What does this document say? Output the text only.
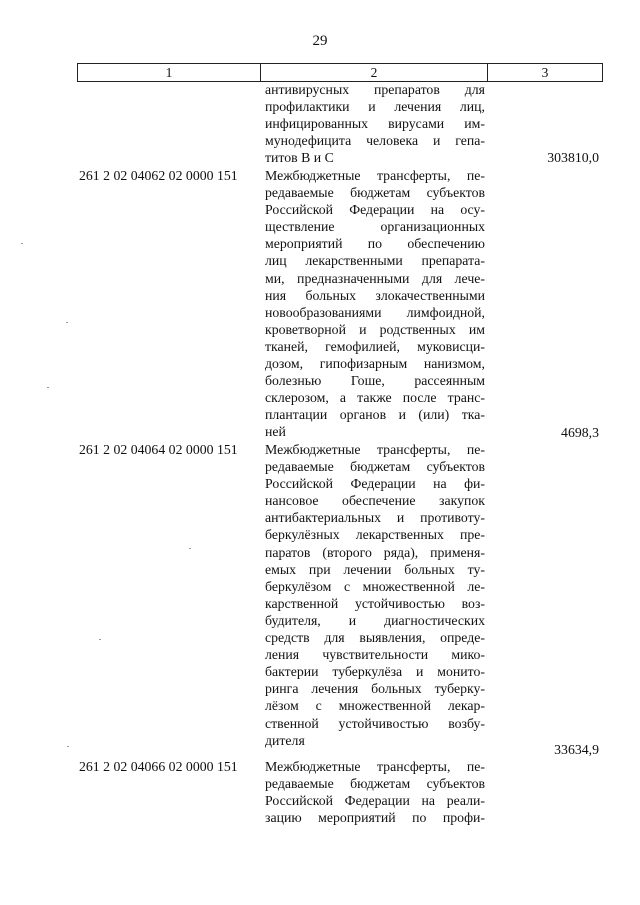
29
1	2	3
антивирусных препаратов для
профилактики и лечения лиц,
инфицированных вирусами им-
мунодефицита человека и гепа-
титов В и С	303810,0
261 2 02 04062 02 0000 151 Межбюджетные трансферты, пе-
редаваемые бюджетам субъектов
Российской Федерации на осу-
ществление организационных
мероприятий по обеспечению
лиц лекарственными препарата-
ми, предназначенными для лече-
ния больных злокачественными
новообразованиями лимфоидной,
кроветворной и родственных им
тканей, гемофилией, муковисци-
дозом, гипофизарным нанизмом,
болезнью Гоше, рассеянным
склерозом, а также после транс-
плантации органов и (или) тка-
ней	4698,3
261 2 02 04064 02 0000 151 Межбюджетные трансферты, пе-
редаваемые бюджетам субъектов
Российской Федерации на фи-
нансовое обеспечение закупок
антибактериальных и противоту-
беркулёзных лекарственных пре-
паратов (второго ряда), применя-
емых при лечении больных ту-
беркулёзом с множественной ле-
карственной устойчивостью воз-
будителя, и диагностических
средств для выявления, опреде-
ления чувствительности мико-
бактерии туберкулёза и монито-
ринга лечения больных туберку-
лёзом с множественной лекар-
ственной устойчивостью возбу-
дителя
33634,9
261 2 02 04066 02 0000 151 Межбюджетные трансферты, пе-
редаваемые бюджетам субъектов
Российской Федерации на реали-
зацию мероприятий по профи-
